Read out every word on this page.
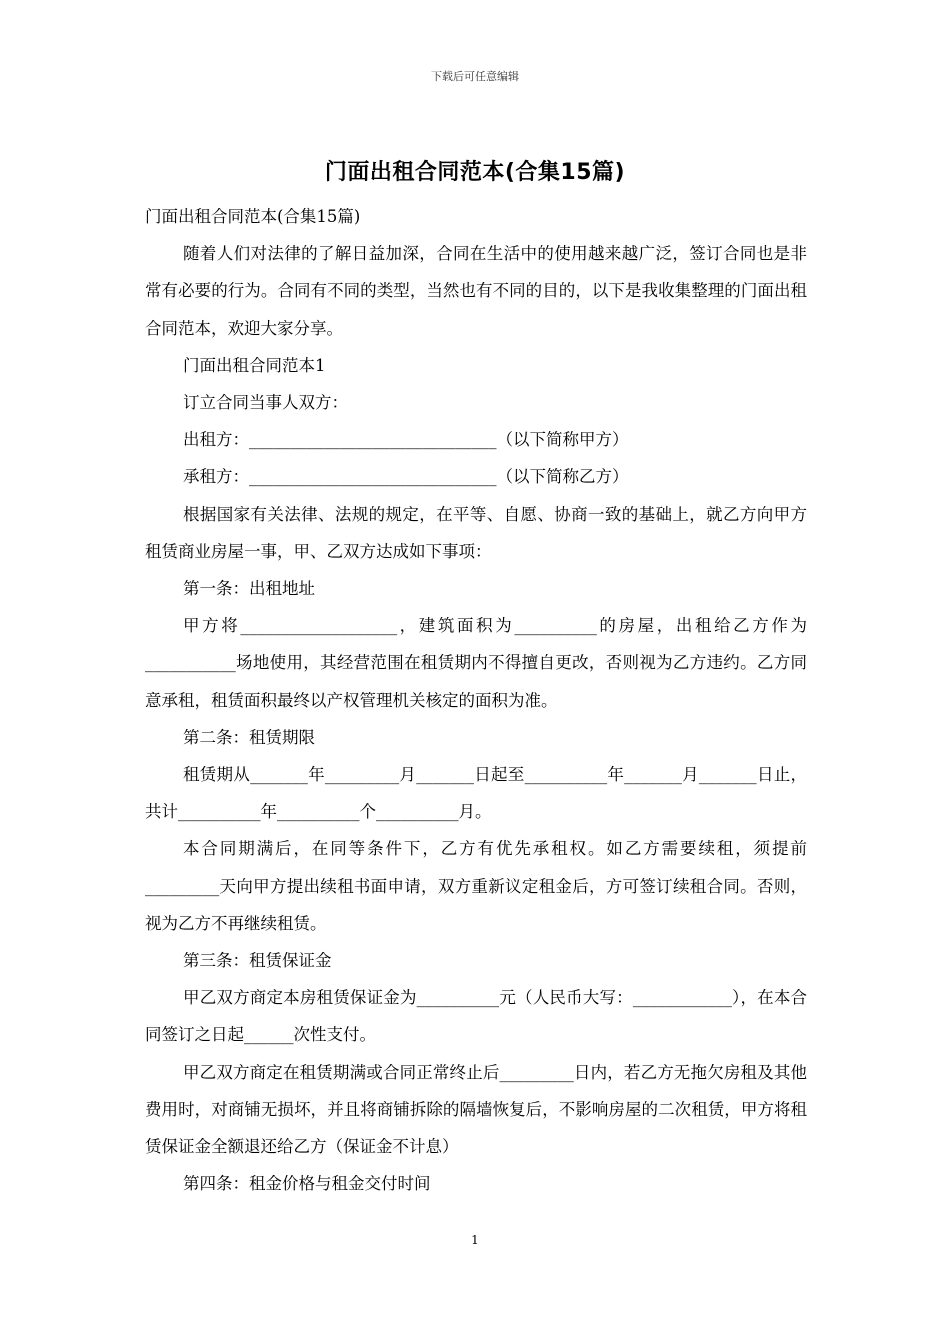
下载后可任意编辑
门面出租合同范本(合集15篇)

门面出租合同范本(合集15篇)

随着人们对法律的了解日益加深，合同在生活中的使用越来越广泛，签订合同也是非常有必要的行为。合同有不同的类型，当然也有不同的目的，以下是我收集整理的门面出租合同范本，欢迎大家分享。

门面出租合同范本1

订立合同当事人双方：

出租方：______________________________（以下简称甲方）

承租方：______________________________（以下简称乙方）

根据国家有关法律、法规的规定，在平等、自愿、协商一致的基础上，就乙方向甲方租赁商业房屋一事，甲、乙双方达成如下事项：

第一条：出租地址

甲方将___________________，建筑面积为__________的房屋，出租给乙方作为___________场地使用，其经营范围在租赁期内不得擅自更改，否则视为乙方违约。乙方同意承租，租赁面积最终以产权管理机关核定的面积为准。

第二条：租赁期限

租赁期从_______年_________月_______日起至__________年_______月_______日止，共计__________年__________个__________月。

本合同期满后，在同等条件下，乙方有优先承租权。如乙方需要续租，须提前_________天向甲方提出续租书面申请，双方重新议定租金后，方可签订续租合同。否则，视为乙方不再继续租赁。

第三条：租赁保证金

甲乙双方商定本房租赁保证金为__________元（人民币大写：____________），在本合同签订之日起______次性支付。

甲乙双方商定在租赁期满或合同正常终止后_________日内，若乙方无拖欠房租及其他费用时，对商铺无损坏，并且将商铺拆除的隔墙恢复后，不影响房屋的二次租赁，甲方将租赁保证金全额退还给乙方（保证金不计息）

第四条：租金价格与租金交付时间

1
